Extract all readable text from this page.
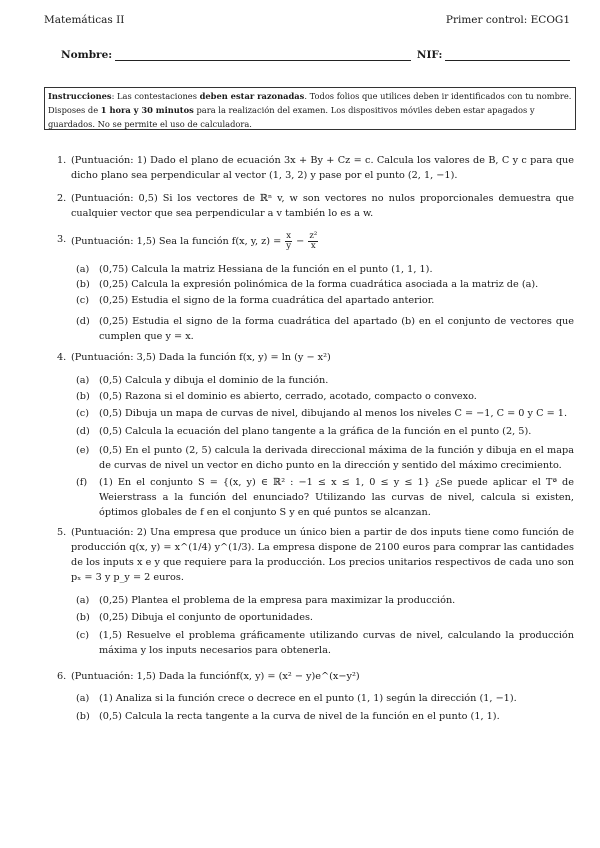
Matemáticas II	Primer control: ECOG1
Nombre:	NIF:
Instrucciones: Las contestaciones deben estar razonadas. Todos folios que utilices deben ir identificados con tu nombre. Disposes de 1 hora y 30 minutos para la realización del examen. Los dispositivos móviles deben estar apagados y guardados. No se permite el uso de calculadora.
1. (Puntuación: 1) Dado el plano de ecuación 3x + By + Cz = c. Calcula los valores de B, C y c para que dicho plano sea perpendicular al vector (1, 3, 2) y pase por el punto (2, 1, −1).
2. (Puntuación: 0,5) Si los vectores de ℝⁿ v, w son vectores no nulos proporcionales demuestra que cualquier vector que sea perpendicular a v también lo es a w.
3. (Puntuación: 1,5) Sea la función f(x, y, $z) = \frac{x}{y} - \frac{\text{z²}}{x}$
(a) (0,75) Calcula la matriz Hessiana de la función en el punto (1, 1, 1).
(b) (0,25) Calcula la expresión polinómica de la forma cuadrática asociada a la matriz de (a).
(c) (0,25) Estudia el signo de la forma cuadrática del apartado anterior.
(d) (0,25) Estudia el signo de la forma cuadrática del apartado (b) en el conjunto de vectores que cumplen que y = x.
4. (Puntuación: 3,5) Dada la función f(x, y) = ln (y − x²)
(a) (0,5) Calcula y dibuja el dominio de la función.
(b) (0,5) Razona si el dominio es abierto, cerrado, acotado, compacto o convexo.
(c) (0,5) Dibuja un mapa de curvas de nivel, dibujando al menos los niveles C = −1, C = 0 y C = 1.
(d) (0,5) Calcula la ecuación del plano tangente a la gráfica de la función en el punto (2, 5).
(e) (0,5) En el punto (2, 5) calcula la derivada direccional máxima de la función y dibuja en el mapa de curvas de nivel un vector en dicho punto en la dirección y sentido del máximo crecimiento.
(f) (1) En el conjunto S = {(x, y) ∈ ℝ² : −1 ≤ x ≤ 1, 0 ≤ y ≤ 1} ¿Se puede aplicar el Tª de Weierstrass a la función del enunciado? Utilizando las curvas de nivel, calcula si existen, óptimos globales de f en el conjunto S y en qué puntos se alcanzan.
5. (Puntuación: 2) Una empresa que produce un único bien a partir de dos inputs tiene como función de producción q(x, y) = x^(1/4) y^(1/3). La empresa dispone de 2100 euros para comprar las cantidades de los inputs x e y que requiere para la producción. Los precios unitarios respectivos de cada uno son pₓ = 3 y p_y = 2 euros.
(a) (0,25) Plantea el problema de la empresa para maximizar la producción.
(b) (0,25) Dibuja el conjunto de oportunidades.
(c) (1,5) Resuelve el problema gráficamente utilizando curvas de nivel, calculando la producción máxima y los inputs necesarios para obtenerla.
6. (Puntuación: 1,5) Dada la funciónf(x, y) = (x² − y)e^(x−y²)
(a) (1) Analiza si la función crece o decrece en el punto (1, 1) según la dirección (1, −1).
(b) (0,5) Calcula la recta tangente a la curva de nivel de la función en el punto (1, 1).
